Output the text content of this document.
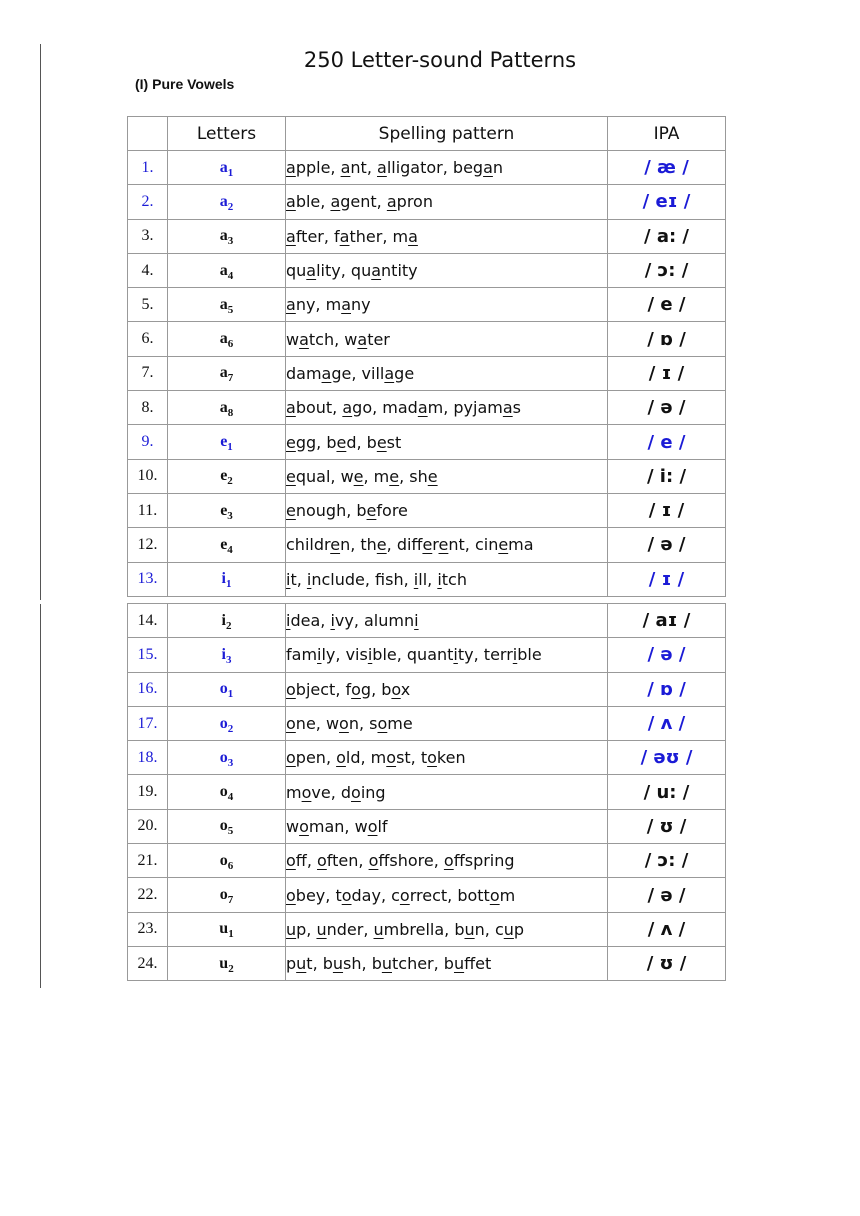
250 Letter-sound Patterns
(I) Pure Vowels
	Letters	Spelling pattern	IPA
1.	$a_1$	apple, ant, alligator, began	/ æ /
2.	$a_2$	able, agent, apron	/ eɪ /
3.	$a_3$	after, father, ma	/ a: /
4.	$a_4$	quality, quantity	/ ɔ: /
5.	$a_5$	any, many	/ e /
6.	$a_6$	watch, water	/ ɒ /
7.	$a_7$	damage, village	/ ɪ /
8.	$a_8$	about, ago, madam, pyjamas	/ ə /
9.	$e_1$	egg, bed, best	/ e /
10.	$e_2$	equal, we, me, she	/ i: /
11.	$e_3$	enough, before	/ ɪ /
12.	$e_4$	children, the, different, cinema	/ ə /
13.	$i_1$	it, include, fsh, ill, itch	/ ɪ /
14.	$i_2$	idea, ivy, alumni	/ aɪ /
15.	$i_3$	family, visible, quantity, terrible	/ ə /
16.	$o_1$	object, fog, box	/ ɒ /
17.	$o_2$	one, won, some	/ ʌ /
18.	$o_3$	open, old, most, token	/ əʊ /
19.	$o_4$	move, doing	/ u: /
20.	$o_5$	woman, wolf	/ ʊ /
21.	$o_6$	off, often, offshore, offspring	/ ɔ: /
22.	$o_7$	obey, today, correct, bottom	/ ə /
23.	$u_1$	up, under, umbrella, bun, cup	/ ʌ /
24.	$u_2$	put, bush, butcher, buffet	/ ʊ /
